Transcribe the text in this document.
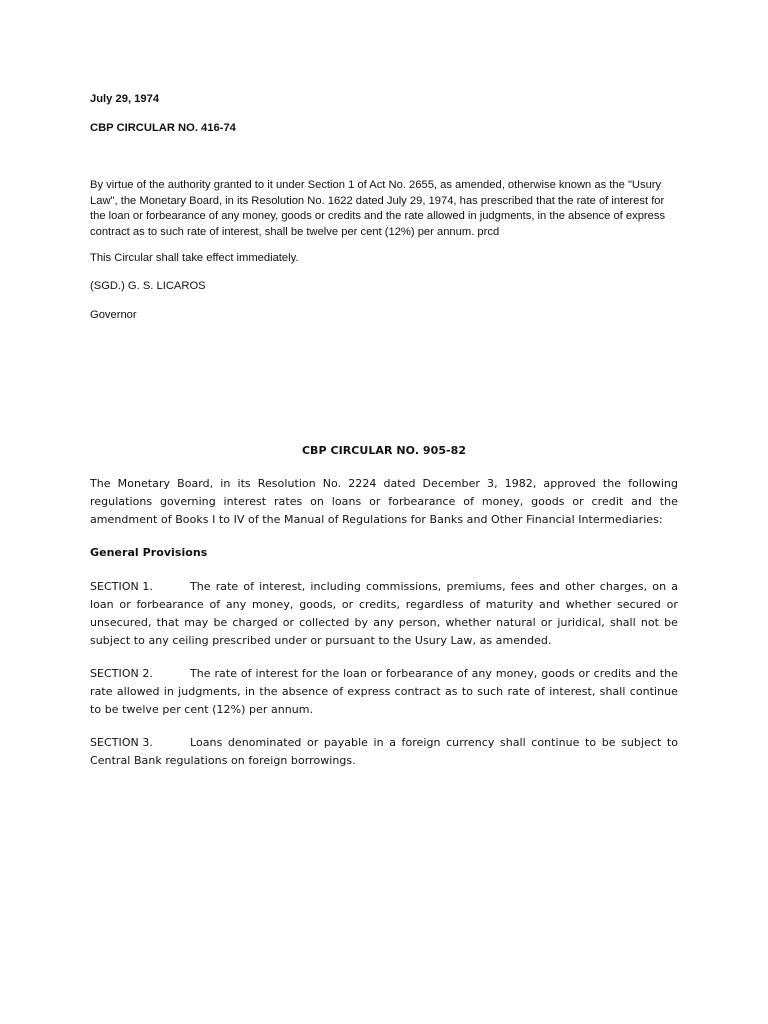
July 29, 1974

CBP CIRCULAR NO. 416-74

By virtue of the authority granted to it under Section 1 of Act No. 2655, as amended, otherwise known as the "Usury Law", the Monetary Board, in its Resolution No. 1622 dated July 29, 1974, has prescribed that the rate of interest for the loan or forbearance of any money, goods or credits and the rate allowed in judgments, in the absence of express contract as to such rate of interest, shall be twelve per cent (12%) per annum. prcd

This Circular shall take effect immediately.

(SGD.) G. S. LICAROS

Governor

CBP CIRCULAR NO. 905-82

The Monetary Board, in its Resolution No. 2224 dated December 3, 1982, approved the following regulations governing interest rates on loans or forbearance of money, goods or credit and the amendment of Books I to IV of the Manual of Regulations for Banks and Other Financial Intermediaries:

General Provisions

SECTION 1.	The rate of interest, including commissions, premiums, fees and other charges, on a loan or forbearance of any money, goods, or credits, regardless of maturity and whether secured or unsecured, that may be charged or collected by any person, whether natural or juridical, shall not be subject to any ceiling prescribed under or pursuant to the Usury Law, as amended.

SECTION 2.	The rate of interest for the loan or forbearance of any money, goods or credits and the rate allowed in judgments, in the absence of express contract as to such rate of interest, shall continue to be twelve per cent (12%) per annum.

SECTION 3.	Loans denominated or payable in a foreign currency shall continue to be subject to Central Bank regulations on foreign borrowings.
